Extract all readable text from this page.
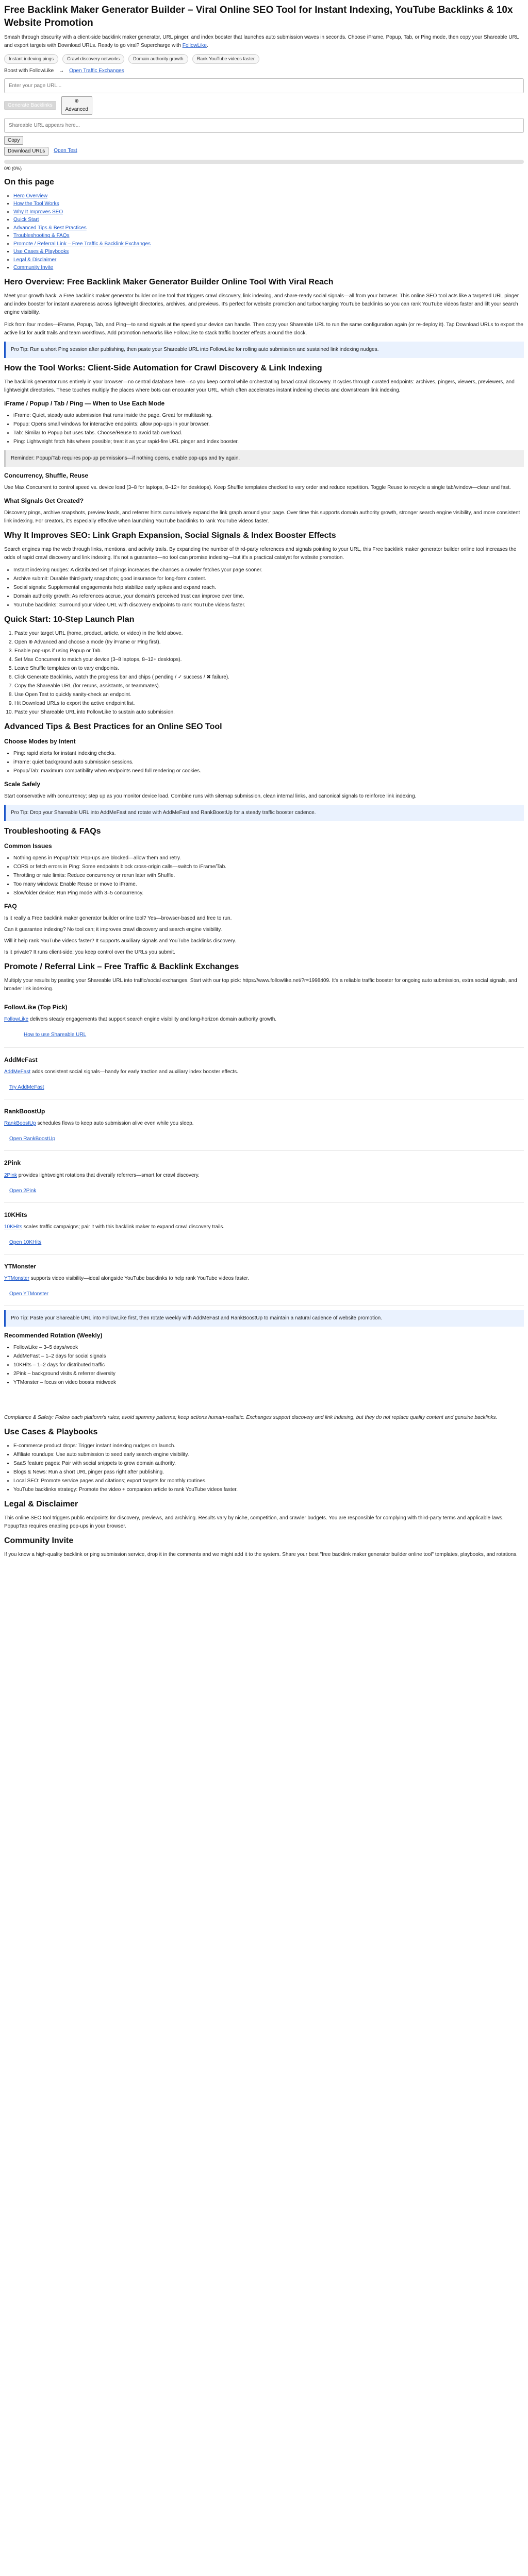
Free Backlink Maker Generator Builder – Viral Online SEO Tool for Instant Indexing, YouTube Backlinks & 10x Website Promotion

Smash through obscurity with a client-side backlink maker generator, URL pinger, and index booster that launches auto submission waves in seconds. Choose iFrame, Popup, Tab, or Ping mode, then copy your Shareable URL and export targets with Download URLs. Ready to go viral? Supercharge with FollowLike.

Instant indexing pings	Crawl discovery networks	Domain authority growth	Rank YouTube videos faster
Boost with FollowLike → Open Traffic Exchanges
Enter your page URL...
Generate Backlinks
⊕ Advanced
Shareable URL appears here...
Copy
Download URLs	Open Test
0/0 (0%)
On this page
• Hero Overview
• How the Tool Works
• Why It Improves SEO
• Quick Start
• Advanced Tips & Best Practices
• Troubleshooting & FAQs
• Promote / Referral Link – Free Traffic & Backlink Exchanges
• Use Cases & Playbooks
• Legal & Disclaimer
• Community Invite
Hero Overview: Free Backlink Maker Generator Builder Online Tool With Viral Reach

Meet your growth hack: a Free backlink maker generator builder online tool that triggers crawl discovery, link indexing, and share-ready social signals—all from your browser. This online SEO tool acts like a targeted URL pinger and index booster for instant awareness across lightweight directories, archives, and previews. It's perfect for website promotion and turbocharging YouTube backlinks so you can rank YouTube videos faster and lift your search engine visibility.

Pick from four modes—iFrame, Popup, Tab, and Ping—to send signals at the speed your device can handle. Then copy your Shareable URL to run the same configuration again (or re-deploy it). Tap Download URLs to export the active list for audit trails and team workflows. Add promotion networks like FollowLike to stack traffic booster effects around the clock.

Pro Tip: Run a short Ping session after publishing, then paste your Shareable URL into FollowLike for rolling auto submission and sustained link indexing nudges.
How the Tool Works: Client-Side Automation for Crawl Discovery & Link Indexing

The backlink generator runs entirely in your browser—no central database here—so you keep control while orchestrating broad crawl discovery. It cycles through curated endpoints: archives, pingers, viewers, previewers, and lightweight directories. These touches multiply the places where bots can encounter your URL, which often accelerates instant indexing checks and downstream link indexing.

iFrame / Popup / Tab / Ping — When to Use Each Mode
• iFrame: Quiet, steady auto submission that runs inside the page. Great for multitasking.
• Popup: Opens small windows for interactive endpoints; allow pop-ups in your browser.
• Tab: Similar to Popup but uses tabs. Choose/Reuse to avoid tab overload.
• Ping: Lightweight fetch hits where possible; treat it as your rapid-fire URL pinger and index booster.
Reminder: Popup/Tab requires pop-up permissions—if nothing opens, enable pop-ups and try again.
Concurrency, Shuffle, Reuse

Use Max Concurrent to control speed vs. device load (3–8 for laptops, 8–12+ for desktops). Keep Shuffle templates checked to vary order and reduce repetition. Toggle Reuse to recycle a single tab/window—clean and fast.

What Signals Get Created?

Discovery pings, archive snapshots, preview loads, and referrer hints cumulatively expand the link graph around your page. Over time this supports domain authority growth, stronger search engine visibility, and more consistent link indexing. For creators, it's especially effective when launching YouTube backlinks to rank YouTube videos faster.

Why It Improves SEO: Link Graph Expansion, Social Signals & Index Booster Effects

Search engines map the web through links, mentions, and activity trails. By expanding the number of third-party references and signals pointing to your URL, this Free backlink maker generator builder online tool increases the odds of rapid crawl discovery and link indexing. It's not a guarantee—no tool can promise indexing—but it's a practical catalyst for website promotion.

• Instant indexing nudges: A distributed set of pings increases the chances a crawler fetches your page sooner.
• Archive submit: Durable third-party snapshots; good insurance for long-form content.
• Social signals: Supplemental engagements help stabilize early spikes and expand reach.
• Domain authority growth: As references accrue, your domain's perceived trust can improve over time.
• YouTube backlinks: Surround your video URL with discovery endpoints to rank YouTube videos faster.
Quick Start: 10-Step Launch Plan
1. Paste your target URL (home, product, article, or video) in the field above.
2. Open ⊕ Advanced and choose a mode (try iFrame or Ping first).
3. Enable pop-ups if using Popup or Tab.
4. Set Max Concurrent to match your device (3–8 laptops, 8–12+ desktops).
5. Leave Shuffle templates on to vary endpoints.
6. Click Generate Backlinks, watch the progress bar and chips ( pending / ✓ success / ✖ failure).
7. Copy the Shareable URL (for reruns, assistants, or teammates).
8. Use Open Test to quickly sanity-check an endpoint.
9. Hit Download URLs to export the active endpoint list.
10. Paste your Shareable URL into FollowLike to sustain auto submission.
Advanced Tips & Best Practices for an Online SEO Tool
Choose Modes by Intent
• Ping: rapid alerts for instant indexing checks.
• iFrame: quiet background auto submission sessions.
• Popup/Tab: maximum compatibility when endpoints need full rendering or cookies.
Scale Safely

Start conservative with concurrency; step up as you monitor device load. Combine runs with sitemap submission, clean internal links, and canonical signals to reinforce link indexing.

Pro Tip: Drop your Shareable URL into AddMeFast and rotate with AddMeFast and RankBoostUp for a steady traffic booster cadence.
Troubleshooting & FAQs
Common Issues
• Nothing opens in Popup/Tab: Pop-ups are blocked—allow them and retry.
• CORS or fetch errors in Ping: Some endpoints block cross-origin calls—switch to iFrame/Tab.
• Throttling or rate limits: Reduce concurrency or rerun later with Shuffle.
• Too many windows: Enable Reuse or move to iFrame.
• Slow/older device: Run Ping mode with 3–5 concurrency.
FAQ

Is it really a Free backlink maker generator builder online tool? Yes—browser-based and free to run.

Can it guarantee indexing? No tool can; it improves crawl discovery and search engine visibility.

Will it help rank YouTube videos faster? It supports auxiliary signals and YouTube backlinks discovery.

Is it private? It runs client-side; you keep control over the URLs you submit.

Promote / Referral Link – Free Traffic & Backlink Exchanges

Multiply your results by pasting your Shareable URL into traffic/social exchanges. Start with our top pick: https://www.followlike.net/?r=1998409. It's a reliable traffic booster for ongoing auto submission, extra social signals, and broader link indexing.

FollowLike (Top Pick)

FollowLike delivers steady engagements that support search engine visibility and long-horizon domain authority growth.

How to use Shareable URL
AddMeFast

AddMeFast adds consistent social signals—handy for early traction and auxiliary index booster effects.

Try AddMeFast
RankBoostUp

RankBoostUp schedules flows to keep auto submission alive even while you sleep.

Open RankBoostUp
2Pink

2Pink provides lightweight rotations that diversify referrers—smart for crawl discovery.

Open 2Pink
10KHits

10KHits scales traffic campaigns; pair it with this backlink maker to expand crawl discovery trails.

Open 10KHits
YTMonster

YTMonster supports video visibility—ideal alongside YouTube backlinks to help rank YouTube videos faster.

Open YTMonster
Pro Tip: Paste your Shareable URL into FollowLike first, then rotate weekly with AddMeFast and RankBoostUp to maintain a natural cadence of website promotion.
Recommended Rotation (Weekly)
• FollowLike – 3–5 days/week
• AddMeFast – 1–2 days for social signals
• 10KHits – 1–2 days for distributed traffic
• 2Pink – background visits & referrer diversity
• YTMonster – focus on video boosts midweek

Compliance & Safety: Follow each platform's rules; avoid spammy patterns; keep actions human-realistic. Exchanges support discovery and link indexing, but they do not replace quality content and genuine backlinks.

Use Cases & Playbooks
• E-commerce product drops: Trigger instant indexing nudges on launch.
• Affiliate roundups: Use auto submission to seed early search engine visibility.
• SaaS feature pages: Pair with social snippets to grow domain authority.
• Blogs & News: Run a short URL pinger pass right after publishing.
• Local SEO: Promote service pages and citations; export targets for monthly routines.
• YouTube backlinks strategy: Promote the video + companion article to rank YouTube videos faster.
Legal & Disclaimer

This online SEO tool triggers public endpoints for discovery, previews, and archiving. Results vary by niche, competition, and crawler budgets. You are responsible for complying with third-party terms and applicable laws. PopupTab requires enabling pop-ups in your browser.

Community Invite

If you know a high-quality backlink or ping submission service, drop it in the comments and we might add it to the system. Share your best "free backlink maker generator builder online tool" templates, playbooks, and rotations.
